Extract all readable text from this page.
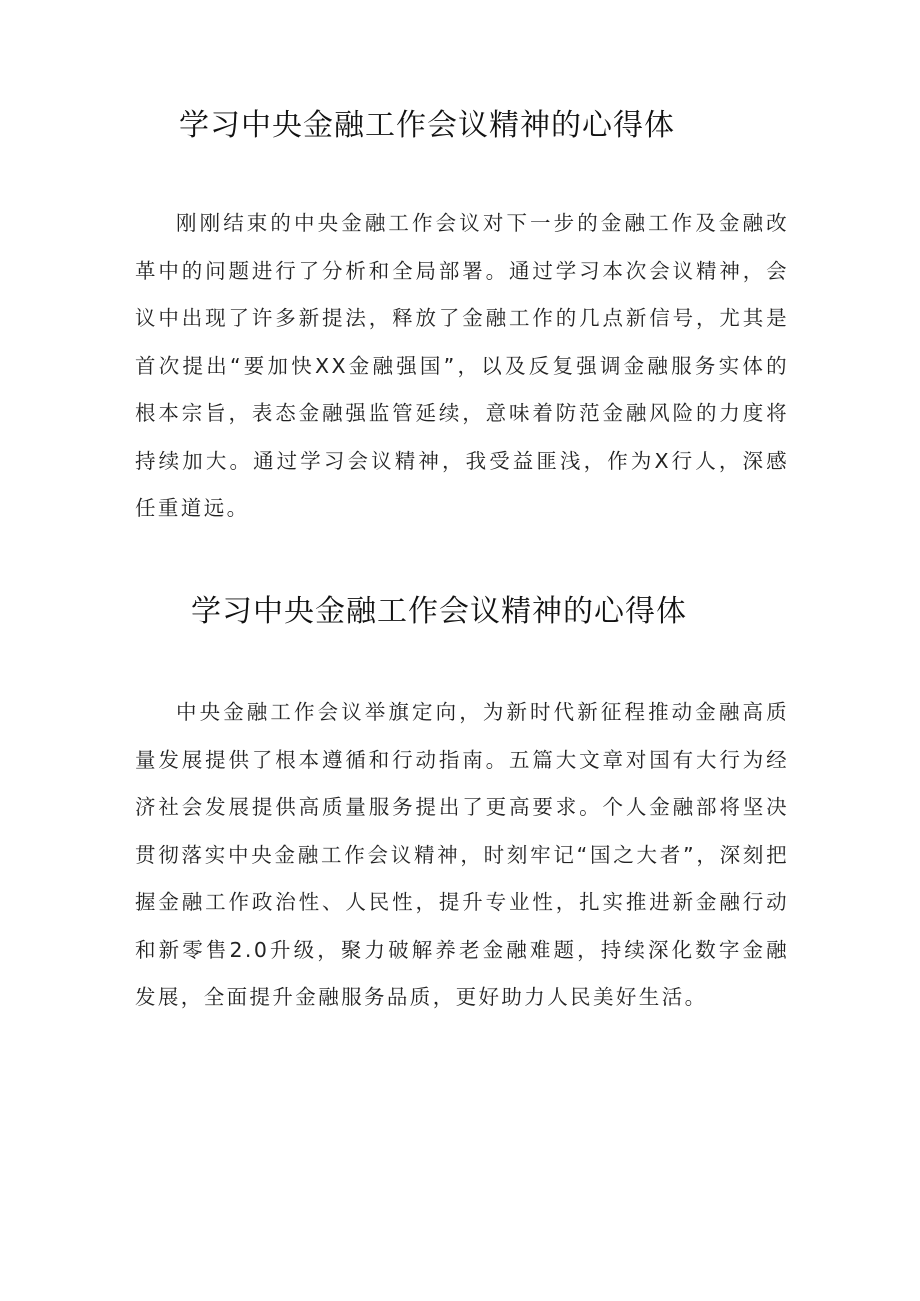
学习中央金融工作会议精神的心得体

刚刚结束的中央金融工作会议对下一步的金融工作及金融改革中的问题进行了分析和全局部署。通过学习本次会议精神，会议中出现了许多新提法，释放了金融工作的几点新信号，尤其是首次提出“要加快XX金融强国”，以及反复强调金融服务实体的根本宗旨，表态金融强监管延续，意味着防范金融风险的力度将持续加大。通过学习会议精神，我受益匪浅，作为X行人，深感任重道远。

学习中央金融工作会议精神的心得体

中央金融工作会议举旗定向，为新时代新征程推动金融高质量发展提供了根本遵循和行动指南。五篇大文章对国有大行为经济社会发展提供高质量服务提出了更高要求。个人金融部将坚决贯彻落实中央金融工作会议精神，时刻牢记“国之大者”，深刻把握金融工作政治性、人民性，提升专业性，扎实推进新金融行动和新零售2.0升级，聚力破解养老金融难题，持续深化数字金融发展，全面提升金融服务品质，更好助力人民美好生活。
